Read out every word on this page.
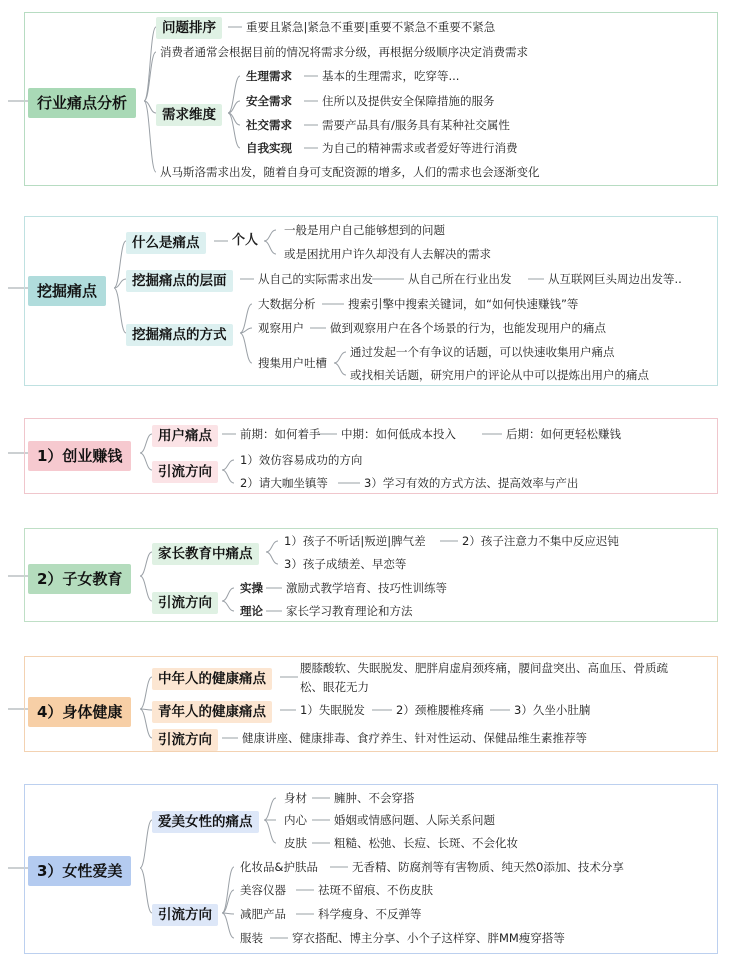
行业痛点分析
问题排序	重要且紧急|紧急不重要|重要不紧急不重要不紧急
消费者通常会根据目前的情况将需求分级，再根据分级顺序决定消费需求
需求维度
生理需求	基本的生理需求，吃穿等...
安全需求	住所以及提供安全保障措施的服务
社交需求	需要产品具有/服务具有某种社交属性
自我实现	为自己的精神需求或者爱好等进行消费
从马斯洛需求出发，随着自身可支配资源的增多，人们的需求也会逐渐变化
挖掘痛点
什么是痛点	个人
一般是用户自己能够想到的问题
或是困扰用户许久却没有人去解决的需求
挖掘痛点的层面	从自己的实际需求出发	从自己所在行业出发	从互联网巨头周边出发等..
挖掘痛点的方式
大数据分析	搜索引擎中搜索关键词，如“如何快速赚钱”等
观察用户 做到观察用户在各个场景的行为，也能发现用户的痛点
搜集用户吐槽
通过发起一个有争议的话题，可以快速收集用户痛点
或找相关话题，研究用户的评论从中可以提炼出用户的痛点
1）创业赚钱
用户痛点	前期：如何着手 中期：如何低成本投入	后期：如何更轻松赚钱
引流方向
1）效仿容易成功的方向
2）请大咖坐镇等	3）学习有效的方式方法、提高效率与产出
2）子女教育
家长教育中痛点
1）孩子不听话|叛逆|脾气差	2）孩子注意力不集中反应迟钝
3）孩子成绩差、早恋等
引流方向
实操 激励式教学培育、技巧性训练等
理论 家长学习教育理论和方法
4）身体健康
中年人的健康痛点
腰膝酸软、失眠脱发、肥胖肩虚肩颈疼痛，腰间盘突出、高血压、骨质疏
松、眼花无力
青年人的健康痛点	1）失眠脱发	2）颈椎腰椎疼痛	3）久坐小肚腩
引流方向	健康讲座、健康排毒、食疗养生、针对性运动、保健品维生素推荐等
3）女性爱美
爱美女性的痛点
身材 臃肿、不会穿搭
内心 婚姻或情感问题、人际关系问题
皮肤 粗糙、松弛、长痘、长斑、不会化妆
引流方向
化妆品&护肤品	无香精、防腐剂等有害物质、纯天然0添加、技术分享
美容仪器	祛斑不留痕、不伤皮肤
减肥产品	科学瘦身、不反弹等
服装	穿衣搭配、博主分享、小个子这样穿、胖MM瘦穿搭等
